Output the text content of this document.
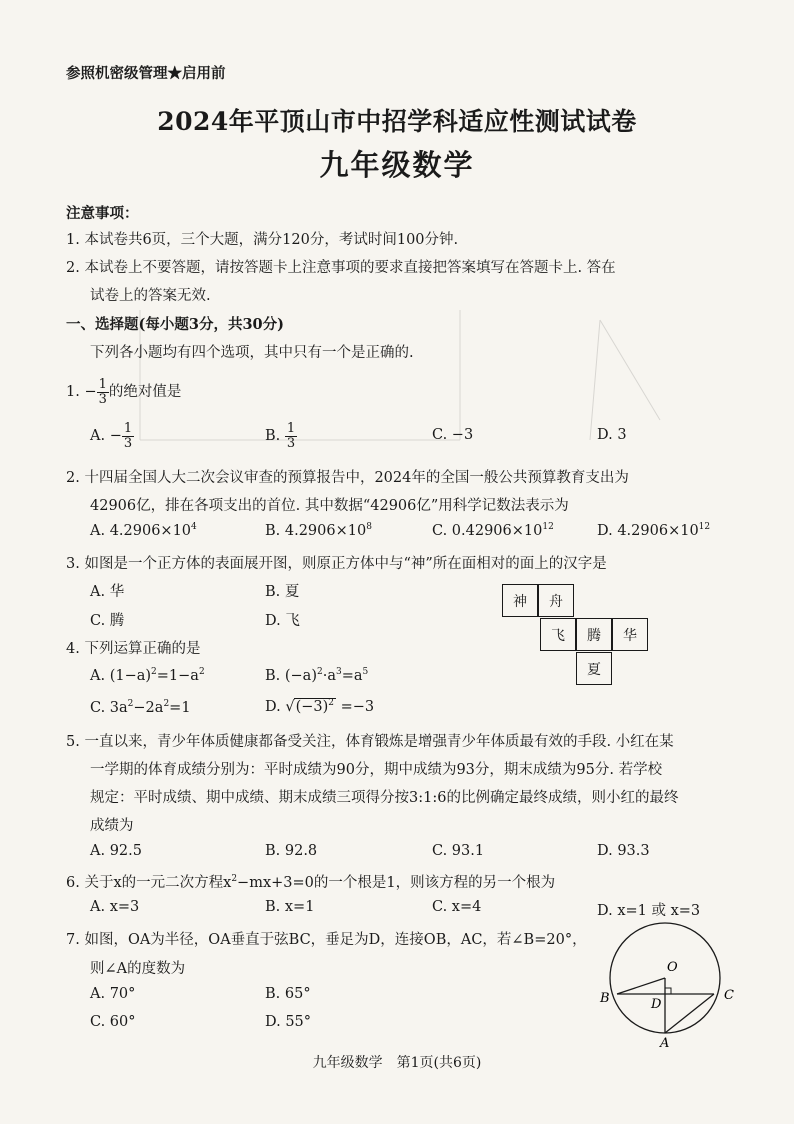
参照机密级管理★启用前
2024年平顶山市中招学科适应性测试试卷
九年级数学
注意事项：
1. 本试卷共6页，三个大题，满分120分，考试时间100分钟.
2. 本试卷上不要答题，请按答题卡上注意事项的要求直接把答案填写在答题卡上. 答在
试卷上的答案无效.
一、选择题(每小题3分，共30分)
下列各小题均有四个选项，其中只有一个是正确的.
1. − $\frac{1}{3}$ 的绝对值是
A. − $\frac{1}{3}$	B. $\frac{1}{3}$	C. −3	D. 3
2. 十四届全国人大二次会议审查的预算报告中，2024年的全国一般公共预算教育支出为
42906亿，排在各项支出的首位. 其中数据“42906亿”用科学记数法表示为
A. $4.2906\times 10^4$	B. $4.2906\times 10^8$	C. $0.42906\times 10^{12}$	D. $4.2906\times 10^{12}$
3. 如图是一个正方体的表面展开图，则原正方体中与“神”所在面相对的面上的汉字是
A. 华	B. 夏
C. 腾	D. 飞
神	舟
飞	腾	华
夏
4. 下列运算正确的是
A. $(1-a)^2=1-a^2$	B. $(-a)^2\cdot a^3=a^5$
C. $3a^2-2a^2=1$	D. $√(-3)^2 =-3$
5. 一直以来，青少年体质健康都备受关注，体育锻炼是增强青少年体质最有效的手段. 小红在某
一学期的体育成绩分别为：平时成绩为90分，期中成绩为93分，期末成绩为95分. 若学校
规定：平时成绩、期中成绩、期末成绩三项得分按3:1:6的比例确定最终成绩，则小红的最终
成绩为
A. 92.5	B. 92.8	C. 93.1	D. 93.3
6. 关于x的一元二次方程$x^2-mx+3=0$的一个根是1，则该方程的另一个根为
A. x=3	B. x=1	C. x=4	D. x=1 或 x=3
7. 如图，OA为半径，OA垂直于弦BC，垂足为D，连接OB，AC，若∠B=20°，
则∠A的度数为
A. 70°	B. 65°
C. 60°	D. 55°
O
B	C
D
A
九年级数学　第1页(共6页)
